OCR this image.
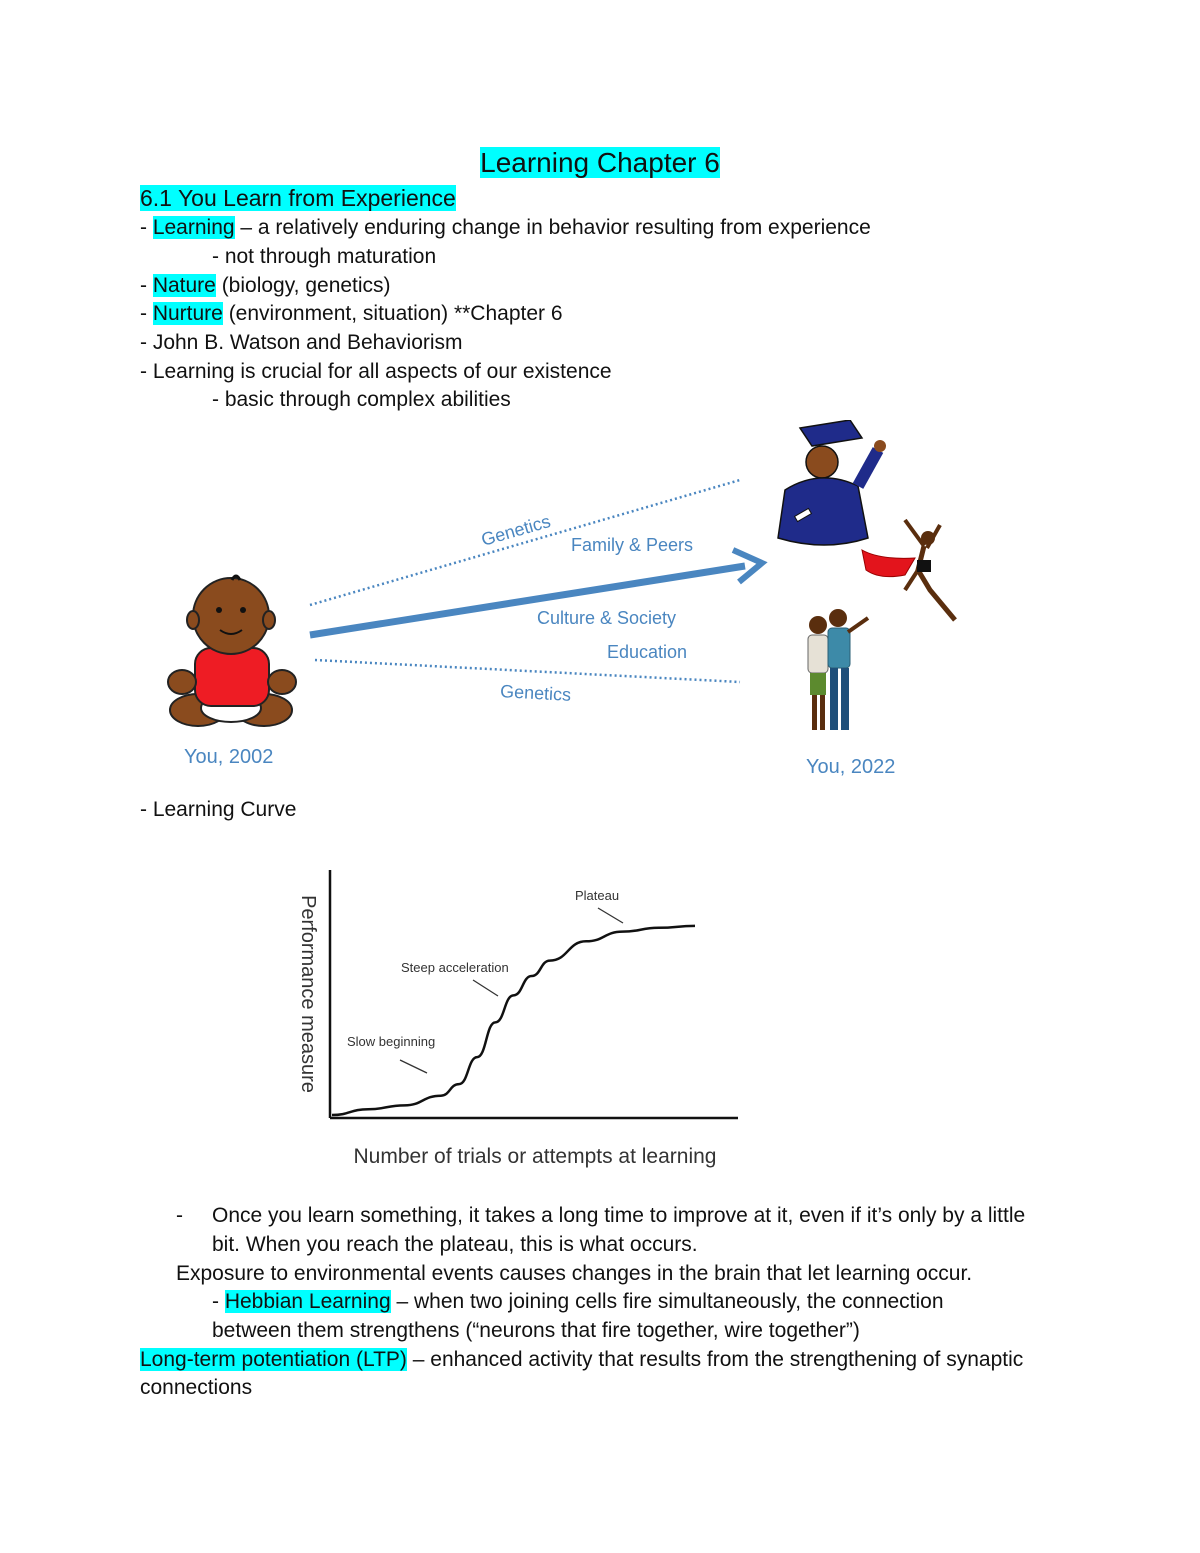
Learning Chapter 6
6.1 You Learn from Experience
- Learning – a relatively enduring change in behavior resulting from experience
- not through maturation
- Nature (biology, genetics)
- Nurture (environment, situation) **Chapter 6
- John B. Watson and Behaviorism
- Learning is crucial for all aspects of our existence
- basic through complex abilities
Genetics Family & Peers
Culture & Society
Education
Genetics
You, 2002	You, 2022
- Learning Curve
Performance measure
Number of trials or attempts at learning
Slow beginning
Steep acceleration
Plateau
- Once you learn something, it takes a long time to improve at it, even if it’s only by a little
bit. When you reach the plateau, this is what occurs.
Exposure to environmental events causes changes in the brain that let learning occur.
- Hebbian Learning – when two joining cells fire simultaneously, the connection
between them strengthens (“neurons that fire together, wire together”)
Long-term potentiation (LTP) – enhanced activity that results from the strengthening of synaptic
connections
